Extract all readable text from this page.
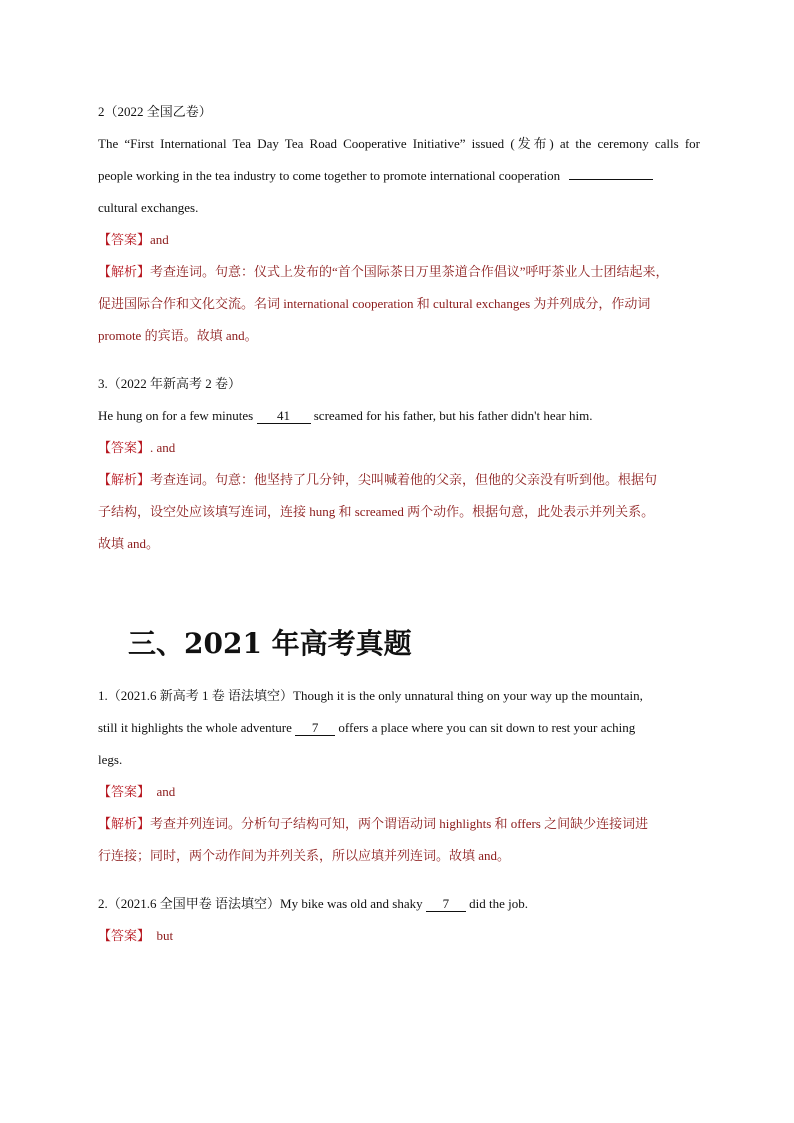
2（2022 全国乙卷）

The “First International Tea Day Tea Road Cooperative Initiative” issued (发布) at the ceremony calls for

people working in the tea industry to come together to promote international cooperation

cultural exchanges.

【答案】and

【解析】考查连词。句意：仪式上发布的“首个国际茶日万里茶道合作倡议”呼吁茶业人士团结起来，

促进国际合作和文化交流。名词 international cooperation 和 cultural exchanges 为并列成分，作动词

promote 的宾语。故填 and。

3.（2022 年新高考 2 卷）

He hung on for a few minutes 41 screamed for his father, but his father didn't hear him.

【答案】. and

【解析】考查连词。句意：他坚持了几分钟，尖叫喊着他的父亲，但他的父亲没有听到他。根据句

子结构，设空处应该填写连词，连接 hung 和 screamed 两个动作。根据句意，此处表示并列关系。

故填 and。

三、2021 年高考真题

1.（2021.6 新高考 1 卷 语法填空）Though it is the only unnatural thing on your way up the mountain,

still it highlights the whole adventure 7 offers a place where you can sit down to rest your aching

legs.

【答案】 and

【解析】考查并列连词。分析句子结构可知，两个谓语动词 highlights 和 offers 之间缺少连接词进

行连接；同时，两个动作间为并列关系，所以应填并列连词。故填 and。

2.（2021.6 全国甲卷 语法填空）My bike was old and shaky 7 did the job.

【答案】 but
